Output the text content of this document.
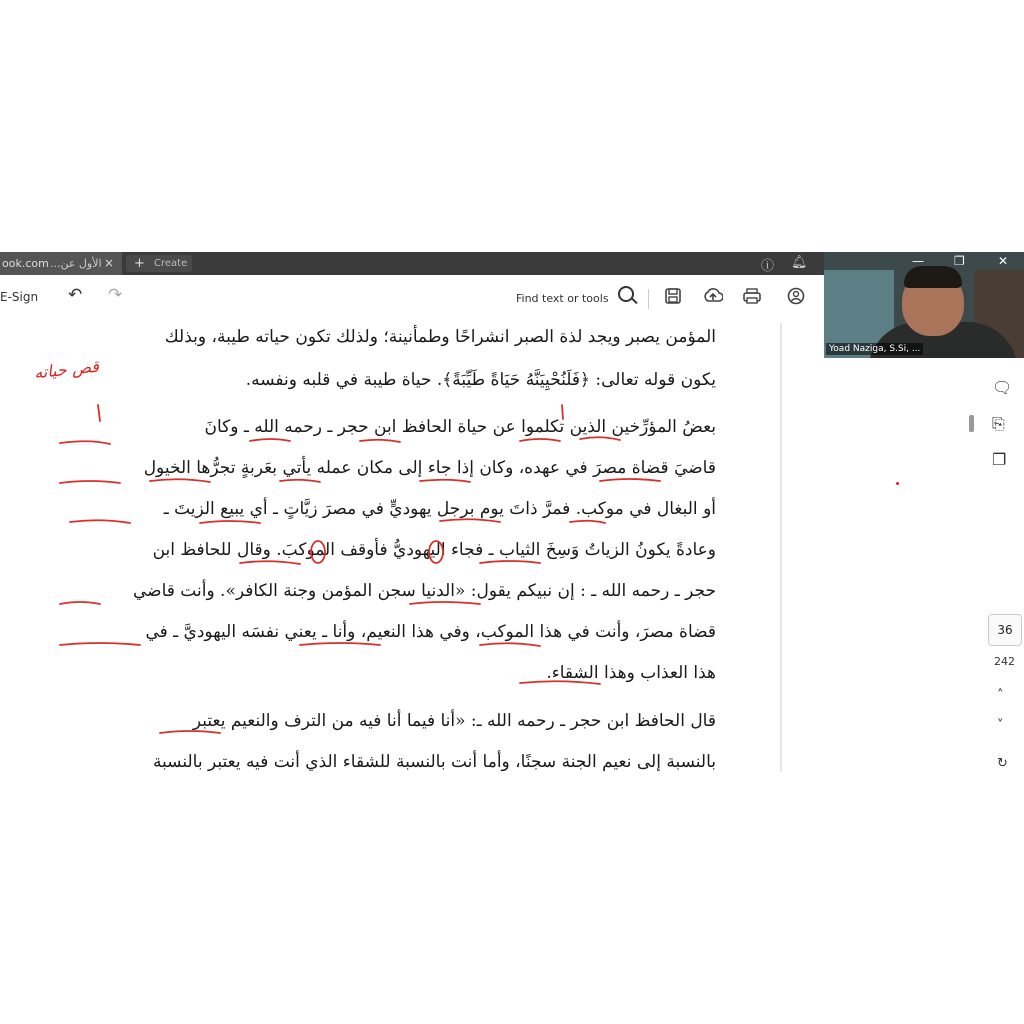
ook.com ...الأول عن × + Create	ⓘ 🔔︎
E-Sign ↶ ↷	Find text or tools
المؤمن يصبر ويجد لذة الصبر انشراحًا وطمأنينة؛ ولذلك تكون حياته طيبة، وبذلك
يكون قوله تعالى: ﴿فَلَنُحْيِيَنَّهُ حَيَاةً طَيِّبَةً﴾. حياة طيبة في قلبه ونفسه.
بعضُ المؤرِّخين الذين تكلموا عن حياة الحافظ ابن حجر ـ رحمه الله ـ وكانَ
قاضيَ قضاة مصرَ في عهده، وكان إذا جاء إلى مكان عمله يأتي بعَربةٍ تجرُّها الخيول
أو البغال في موكب. فمرَّ ذاتَ يوم برجل يهوديٍّ في مصرَ زيَّاتٍ ـ أي يبيع الزيتَ ـ
وعادةً يكونُ الزياتُ وَسِخَ الثياب ـ فجاء اليهوديُّ فأوقف الموكبَ. وقال للحافظ ابن
حجر ـ رحمه الله ـ : إن نبيكم يقول: «الدنيا سجن المؤمن وجنة الكافر». وأنت قاضي
قضاة مصرَ، وأنت في هذا الموكب، وفي هذا النعيم، وأنا ـ يعني نفسَه اليهوديَّ ـ في
هذا العذاب وهذا الشقاء.
قال الحافظ ابن حجر ـ رحمه الله ـ: «أنا فيما أنا فيه من الترف والنعيم يعتبر
بالنسبة إلى نعيم الجنة سجنًا، وأما أنت بالنسبة للشقاء الذي أنت فيه يعتبر بالنسبة
قص حياته
🗨︎
⎘
❐
36
242
˄
˅
↻
—	❐	✕
Yoad Naziga, S.Si, ...
